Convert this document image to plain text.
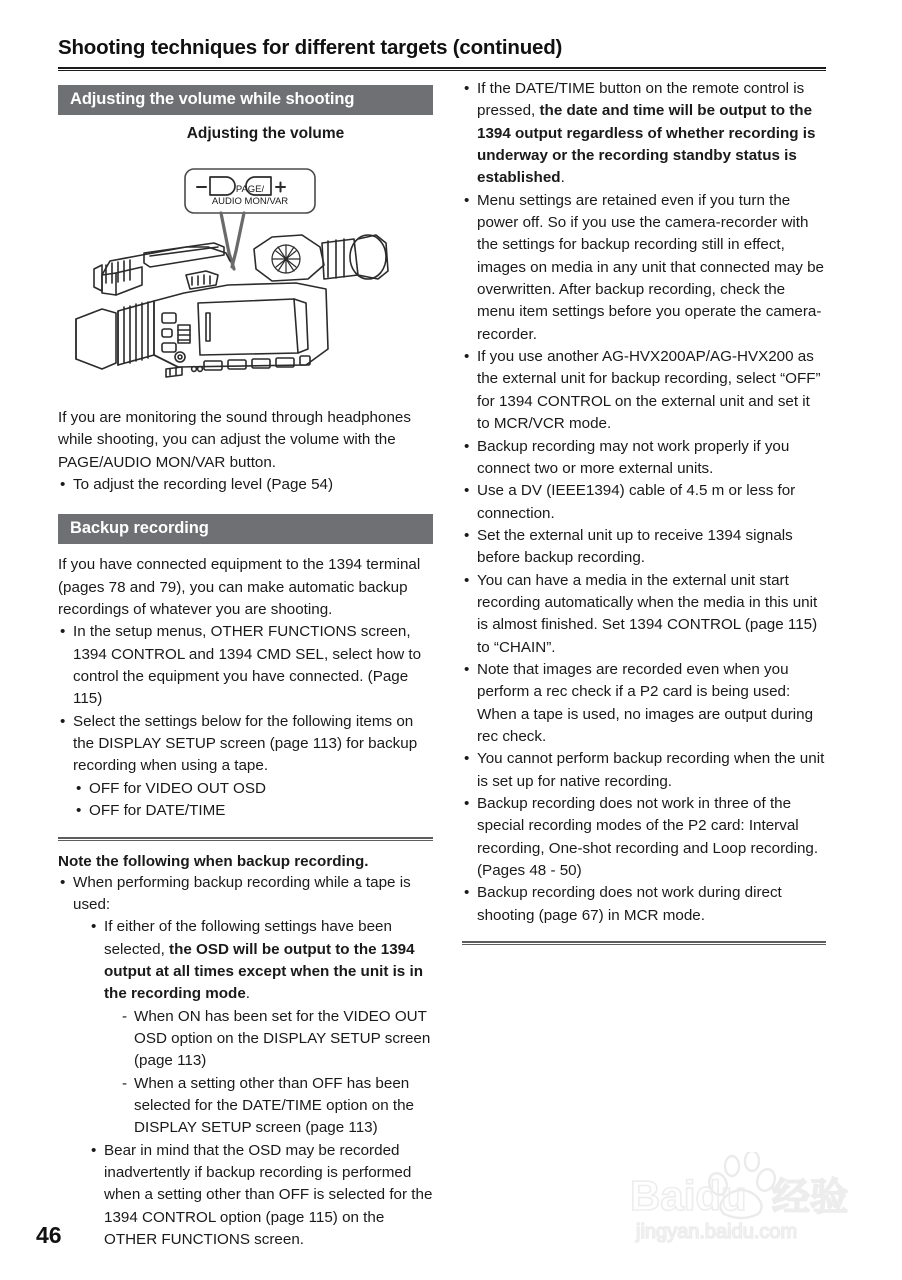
Shooting techniques for different targets (continued)
Adjusting the volume while shooting
Adjusting the volume
PAGE/
AUDIO MON/VAR

If you are monitoring the sound through headphones while shooting, you can adjust the volume with the PAGE/AUDIO MON/VAR button.

• To adjust the recording level (Page 54)
Backup recording

If you have connected equipment to the 1394 terminal (pages 78 and 79), you can make automatic backup recordings of whatever you are shooting.

• In the setup menus, OTHER FUNCTIONS screen, 1394 CONTROL and 1394 CMD SEL, select how to control the equipment you have connected. (Page 115)
• Select the settings below for the following items on the DISPLAY SETUP screen (page 113) for backup recording when using a tape.
• OFF for VIDEO OUT OSD
• OFF for DATE/TIME
Note the following when backup recording.
• When performing backup recording while a tape is used:
• If either of the following settings have been selected, the OSD will be output to the 1394 output at all times except when the unit is in the recording mode.
- When ON has been set for the VIDEO OUT OSD option on the DISPLAY SETUP screen (page 113)
- When a setting other than OFF has been selected for the DATE/TIME option on the DISPLAY SETUP screen (page 113)
• Bear in mind that the OSD may be recorded inadvertently if backup recording is performed when a setting other than OFF is selected for the 1394 CONTROL option (page 115) on the OTHER FUNCTIONS screen.
• If the DATE/TIME button on the remote control is pressed, the date and time will be output to the 1394 output regardless of whether recording is underway or the recording standby status is established.
• Menu settings are retained even if you turn the power off. So if you use the camera-recorder with the settings for backup recording still in effect, images on media in any unit that connected may be overwritten. After backup recording, check the menu item settings before you operate the camera-recorder.
• If you use another AG-HVX200AP/AG-HVX200 as the external unit for backup recording, select “OFF” for 1394 CONTROL on the external unit and set it to MCR/VCR mode.
• Backup recording may not work properly if you connect two or more external units.
• Use a DV (IEEE1394) cable of 4.5 m or less for connection.
• Set the external unit up to receive 1394 signals before backup recording.
• You can have a media in the external unit start recording automatically when the media in this unit is almost finished. Set 1394 CONTROL (page 115) to “CHAIN”.
• Note that images are recorded even when you perform a rec check if a P2 card is being used: When a tape is used, no images are output during rec check.
• You cannot perform backup recording when the unit is set up for native recording.
• Backup recording does not work in three of the special recording modes of the P2 card: Interval recording, One-shot recording and Loop recording. (Pages 48 - 50)
• Backup recording does not work during direct shooting (page 67) in MCR mode.
46
Baidu 经验
jingyan.baidu.com
